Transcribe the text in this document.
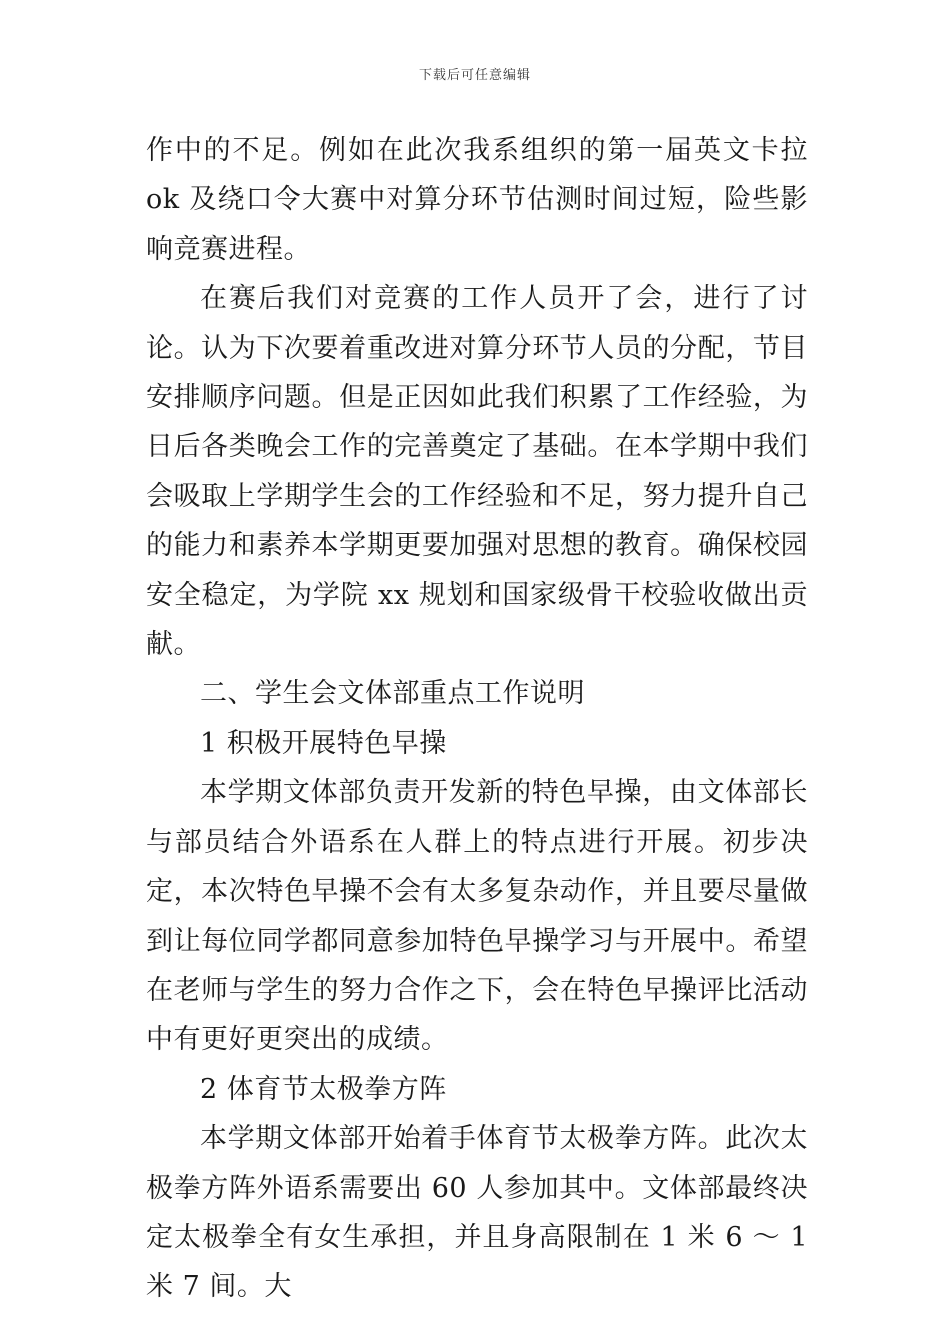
下载后可任意编辑

作中的不足。例如在此次我系组织的第一届英文卡拉 ok 及绕口令大赛中对算分环节估测时间过短，险些影响竞赛进程。

在赛后我们对竞赛的工作人员开了会，进行了讨论。认为下次要着重改进对算分环节人员的分配，节目安排顺序问题。但是正因如此我们积累了工作经验，为日后各类晚会工作的完善奠定了基础。在本学期中我们会吸取上学期学生会的工作经验和不足，努力提升自己的能力和素养本学期更要加强对思想的教育。确保校园安全稳定，为学院 xx 规划和国家级骨干校验收做出贡献。

二、学生会文体部重点工作说明

1 积极开展特色早操

本学期文体部负责开发新的特色早操，由文体部长与部员结合外语系在人群上的特点进行开展。初步决定，本次特色早操不会有太多复杂动作，并且要尽量做到让每位同学都同意参加特色早操学习与开展中。希望在老师与学生的努力合作之下，会在特色早操评比活动中有更好更突出的成绩。

2 体育节太极拳方阵

本学期文体部开始着手体育节太极拳方阵。此次太极拳方阵外语系需要出 60 人参加其中。文体部最终决定太极拳全有女生承担，并且身高限制在 1 米 6 ～ 1 米 7 间。大
